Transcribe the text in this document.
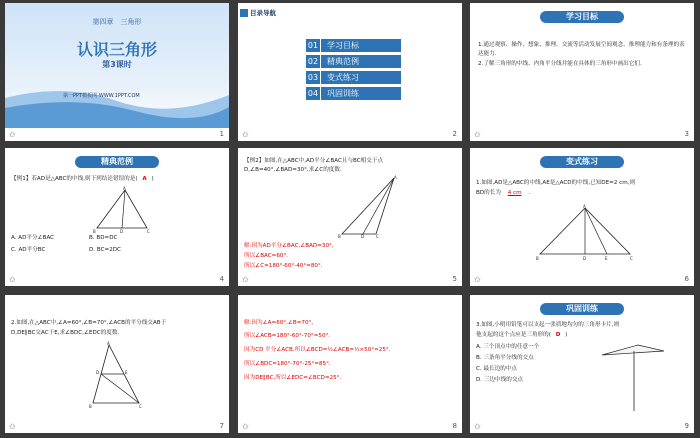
第四章　三角形
认识三角形
第3课时
第一PPT模板网-WWW.1PPT.COM
✩	1
目录导航
01 学习目标
02 精典范例
03 变式练习
04 巩固训练
✩	2
学习目标
1.通过观察、操作、想象、推理、交流等活动发展空间观念、推理能力和有条理的表达能力.
2.了解三角形的中线、内角平分线并能在具体的三角形中画出它们.
✩	3
精典范例
【例1】若AD是△ABC的中线,则下列结论错误的是( A )
A
B	D	C
A. AD平分∠BAC	B. BD=DC
C. AD平分BC	D. BC=2DC
✩	4
【例2】如图,在△ABC中,AD平分∠BAC且与BC相交于点
D,∠B=40°,∠BAD=30°,求∠C的度数.
A
B	D	C
解:因为AD平分∠BAC,∠BAD=30°,
所以∠BAC=60°.
所以∠C=180°-60°-40°=80°.
✩	5
变式练习
1.如图,AD是△ABC的中线,AE是△ACD的中线,已知DE=2 cm,则
BD的长为 4 cm .
A
B	D	E	C
✩	6
2.如图,在△ABC中,∠A=60°,∠B=70°,∠ACB的平分线交AB于
D,DE∥BC交AC于E,求∠BDC,∠EDC的度数.
A
D	E
B	C
✩	7
解:因为∠A=60°,∠B=70°,
所以∠ACB=180°-60°-70°=50°.
因为CD 平分∠ACB,所以∠BCD=½∠ACB=½×50°=25°.
所以∠BDC=180°-70°-25°=85°.
因为DE∥BC,所以∠EDC=∠BCD=25°.
✩	8
巩固训练
3.如图,小明用铅笔可以支起一张质地均匀的三角形卡片,则
他支起的这个点应是三角形的( D )
A. 三个顶点中的任意一个
B. 三条角平分线的交点
C. 最长边的中点
D. 三边中线的交点
✩	9
